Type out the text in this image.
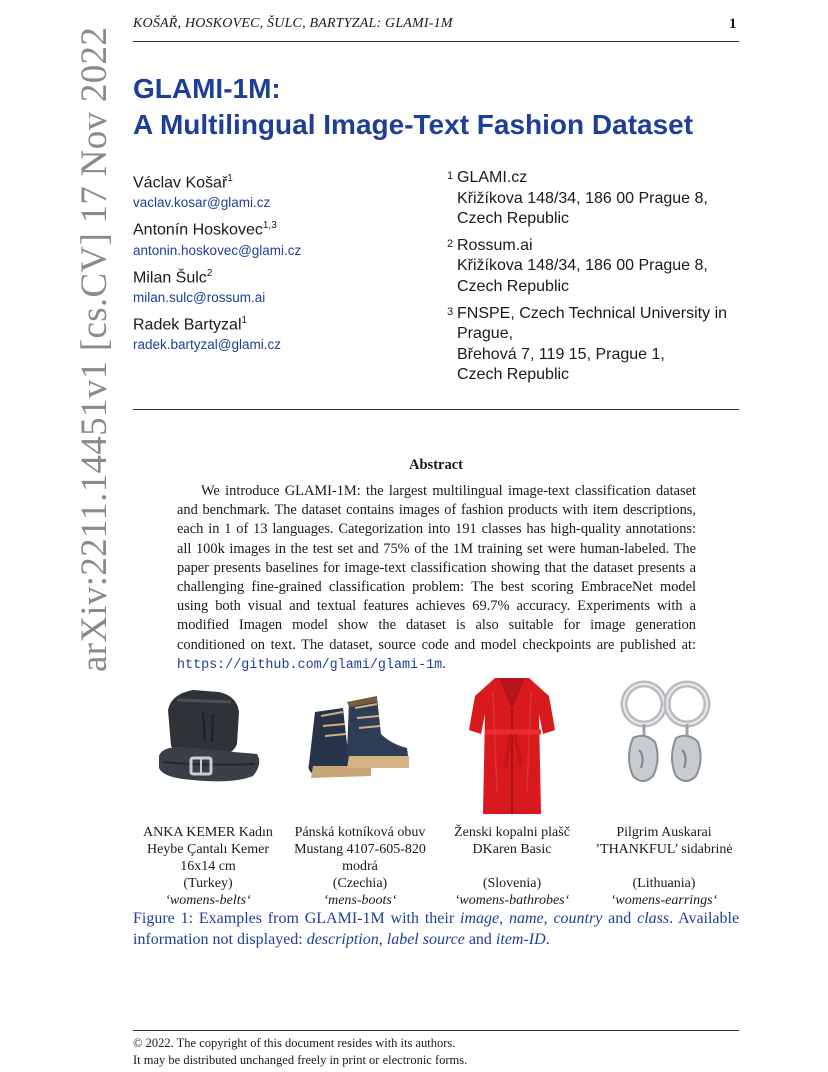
KOŠAŘ, HOSKOVEC, ŠULC, BARTYZAL: GLAMI-1M	1
arXiv:2211.14451v1 [cs.CV] 17 Nov 2022 GLAMI-1M:
A Multilingual Image-Text Fashion Dataset
Václav Košař$^1$
vaclav.kosar@glami.cz
Antonín Hoskovec$^{1,3}$
antonin.hoskovec@glami.cz
Milan Šulc$^2$
milan.sulc@rossum.ai
Radek Bartyzal$^1$
radek.bartyzal@glami.cz
1 GLAMI.cz
Křižíkova 148/34, 186 00 Prague 8,
Czech Republic
2 Rossum.ai
Křižíkova 148/34, 186 00 Prague 8,
Czech Republic
3 FNSPE, Czech Technical University in
Prague,
Břehová 7, 119 15, Prague 1,
Czech Republic
Abstract
We introduce GLAMI-1M: the largest multilingual image-text classification dataset and benchmark. The dataset contains images of fashion products with item descriptions, each in 1 of 13 languages. Categorization into 191 classes has high-quality annotations: all 100k images in the test set and 75% of the 1M training set were human-labeled. The paper presents baselines for image-text classification showing that the dataset presents a challenging fine-grained classification problem: The best scoring EmbraceNet model using both visual and textual features achieves 69.7% accuracy. Experiments with a modified Imagen model show the dataset is also suitable for image generation conditioned on text. The dataset, source code and model checkpoints are published at: https://github.com/glami/glami-1m.
ANKA KEMER Kadın Heybe Çantalı Kemer 16x14 cm
(Turkey)
‘womens-belts‘
Pánská kotníková obuv Mustang 4107-605-820 modrá
(Czechia)
‘mens-boots‘
Ženski kopalni plašč DKaren Basic
(Slovenia)
‘womens-bathrobes‘
Pilgrim Auskarai ’THANKFUL’ sidabrinė
(Lithuania)
‘womens-earrings‘
Figure 1: Examples from GLAMI-1M with their image, name, country and class. Available information not displayed: description, label source and item-ID.
© 2022. The copyright of this document resides with its authors.
It may be distributed unchanged freely in print or electronic forms.
